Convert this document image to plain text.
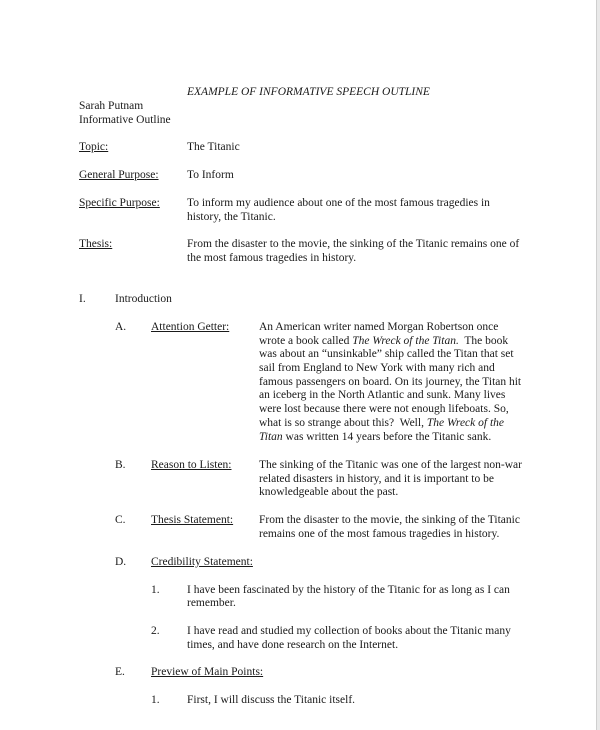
EXAMPLE OF INFORMATIVE SPEECH OUTLINE
Sarah Putnam
Informative Outline
Topic:	The Titanic
General Purpose: To Inform
Specific Purpose: To inform my audience about one of the most famous tragedies in
history, the Titanic.
Thesis:	From the disaster to the movie, the sinking of the Titanic remains one of
the most famous tragedies in history.
I.	Introduction
A. Attention Getter:	An American writer named Morgan Robertson once
wrote a book called The Wreck of the Titan.  The book
was about an “unsinkable” ship called the Titan that set
sail from England to New York with many rich and
famous passengers on board. On its journey, the Titan hit
an iceberg in the North Atlantic and sunk. Many lives
were lost because there were not enough lifeboats. So,
what is so strange about this?  Well, The Wreck of the
Titan was written 14 years before the Titanic sank.
B. Reason to Listen: The sinking of the Titanic was one of the largest non-war
related disasters in history, and it is important to be
knowledgeable about the past.
C. Thesis Statement: From the disaster to the movie, the sinking of the Titanic
remains one of the most famous tragedies in history.
D. Credibility Statement:
1. I have been fascinated by the history of the Titanic for as long as I can
remember.
2. I have read and studied my collection of books about the Titanic many
times, and have done research on the Internet.
E. Preview of Main Points:
1. First, I will discuss the Titanic itself.
